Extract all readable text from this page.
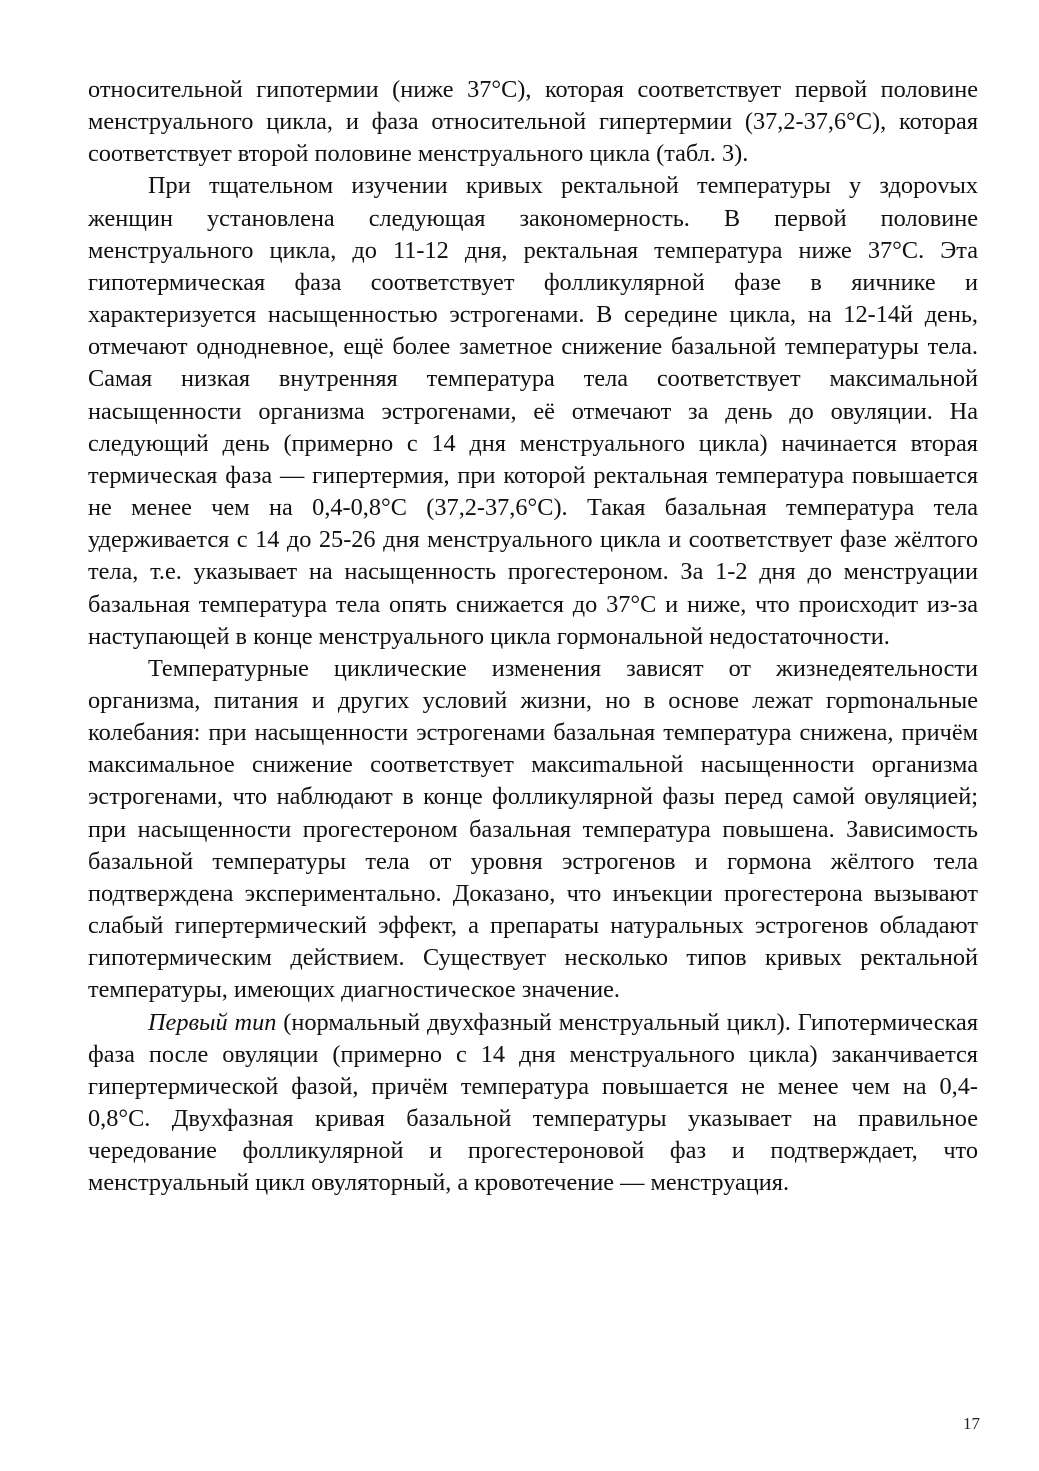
относительной гипотермии (ниже 37°С), которая соответствует первой половине менструального цикла, и фаза относительной гипертермии (37,2-37,6°С), которая соответствует второй половине менструального цикла (табл. 3).

При тщательном изучении кривых ректальной температуры у здороvых женщин установлена следующая закономерность. В первой половине менструального цикла, до 11-12 дня, ректальная температура ниже 37°С. Эта гипотермическая фаза соответствует фолликулярной фазе в яичнике и характеризуется насыщенностью эстрогенами. В середине цикла, на 12-14й день, отмечают однодневное, ещё более заметное снижение базальной температуры тела. Самая низкая внутренняя температура тела соответствует максимальной насыщенности организма эстрогенами, её отмечают за день до овуляции. На следующий день (примерно с 14 дня менструального цикла) начинается вторая термическая фаза — гипертермия, при которой ректальная температура повышается не менее чем на 0,4-0,8°С (37,2-37,6°С). Такая базальная температура тела удерживается с 14 до 25-26 дня менструального цикла и соответствует фазе жёлтого тела, т.е. указывает на насыщенность прогестероном. За 1-2 дня до менструации базальная температура тела опять снижается до 37°С и ниже, что происходит из-за наступающей в конце менструального цикла гормональной недостаточности.

Температурные циклические изменения зависят от жизнедеятельности организма, питания и других условий жизни, но в основе лежат горmональные колебания: при насыщенности эстрогенами базальная температура снижена, причём максимальное снижение соответствует максиmальной насыщенности организма эстрогенами, что наблюдают в конце фолликулярной фазы перед самой овуляцией; при насыщенности прогестероном базальная температура повышена. Зависимость базальной температуры тела от уровня эстрогенов и гормона жёлтого тела подтверждена экспериментально. Доказано, что инъекции прогестерона вызывают слабый гипертермический эффект, а препараты натуральных эстрогенов обладают гипотермическим действием. Существует несколько типов кривых ректальной температуры, имеющих диагностическое значение.

Первый тип (нормальный двухфазный менструальный цикл). Гипотермическая фаза после овуляции (примерно с 14 дня менструального цикла) заканчивается гипертермической фазой, причём температура повышается не менее чем на 0,4-0,8°С. Двухфазная кривая базальной температуры указывает на правильное чередование фолликулярной и прогестероновой фаз и подтверждает, что менструальный цикл овуляторный, а кровотечение — менструация.

17
